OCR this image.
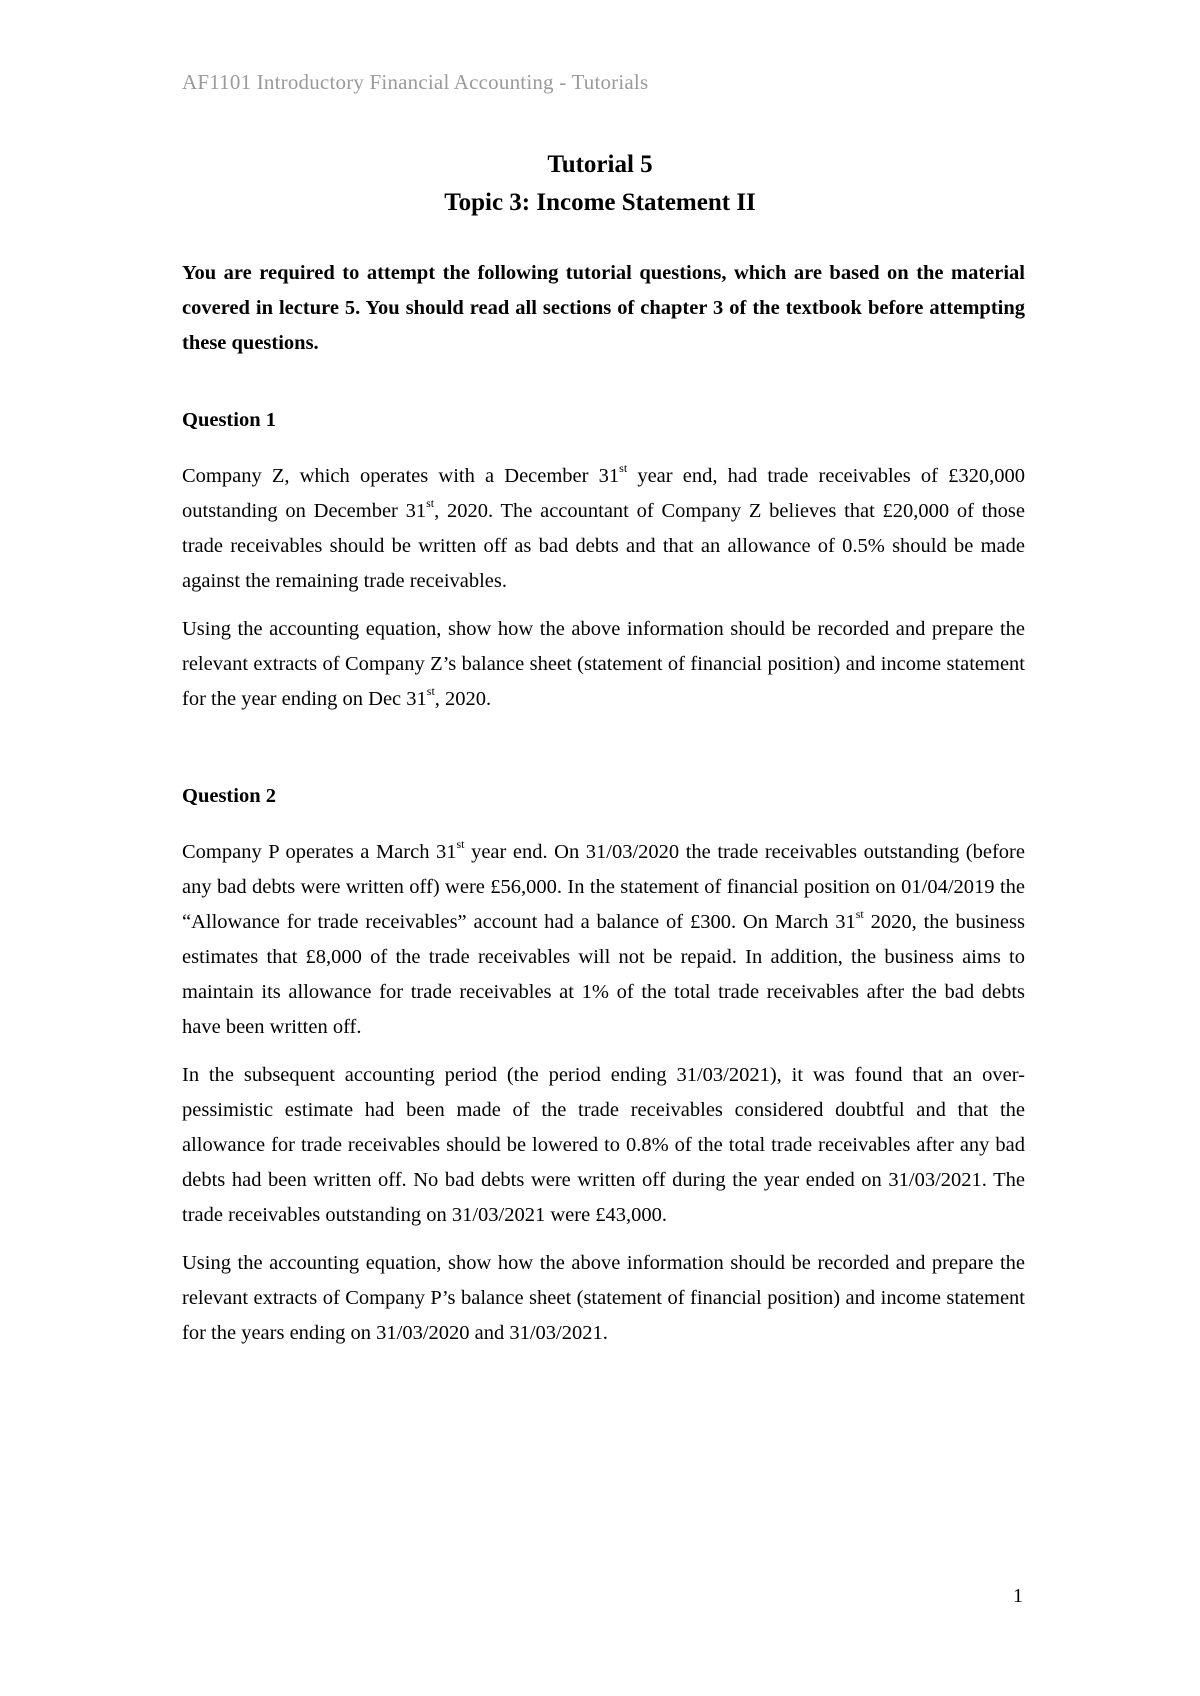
AF1101 Introductory Financial Accounting - Tutorials
Tutorial 5
Topic 3: Income Statement II

You are required to attempt the following tutorial questions, which are based on the material covered in lecture 5. You should read all sections of chapter 3 of the textbook before attempting these questions.

Question 1

Company Z, which operates with a December 31st year end, had trade receivables of £320,000 outstanding on December 31st, 2020. The accountant of Company Z believes that £20,000 of those trade receivables should be written off as bad debts and that an allowance of 0.5% should be made against the remaining trade receivables.

Using the accounting equation, show how the above information should be recorded and prepare the relevant extracts of Company Z’s balance sheet (statement of financial position) and income statement for the year ending on Dec 31st, 2020.

Question 2

Company P operates a March 31st year end. On 31/03/2020 the trade receivables outstanding (before any bad debts were written off) were £56,000. In the statement of financial position on 01/04/2019 the “Allowance for trade receivables” account had a balance of £300. On March 31st 2020, the business estimates that £8,000 of the trade receivables will not be repaid. In addition, the business aims to maintain its allowance for trade receivables at 1% of the total trade receivables after the bad debts have been written off.

In the subsequent accounting period (the period ending 31/03/2021), it was found that an over-pessimistic estimate had been made of the trade receivables considered doubtful and that the allowance for trade receivables should be lowered to 0.8% of the total trade receivables after any bad debts had been written off. No bad debts were written off during the year ended on 31/03/2021. The trade receivables outstanding on 31/03/2021 were £43,000.

Using the accounting equation, show how the above information should be recorded and prepare the relevant extracts of Company P’s balance sheet (statement of financial position) and income statement for the years ending on 31/03/2020 and 31/03/2021.

1
